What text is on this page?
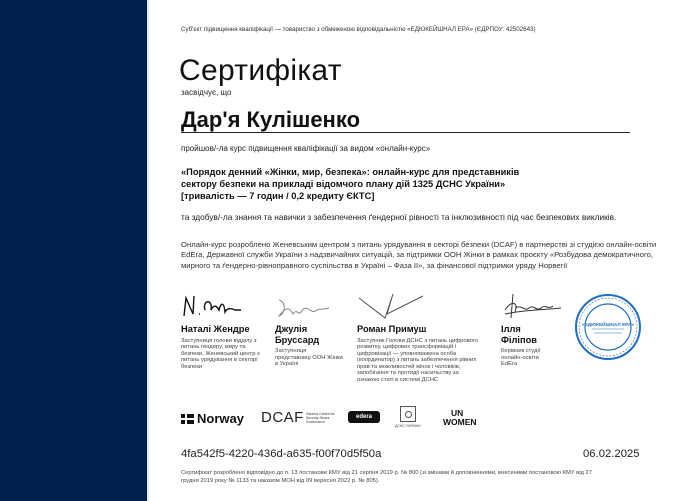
Суб'єкт підвищення кваліфікації — товариство з обмеженою відповідальністю «ЕДЮКЕЙШНАЛ ЕРА» (ЄДРПОУ: 42502643)
Сертифікат
засвідчує, що
Дар'я Кулішенко
пройшов/-ла курс підвищення кваліфікації за видом «онлайн-курс»
«Порядок денний «Жінки, мир, безпека»: онлайн-курс для представників
сектору безпеки на прикладі відомчого плану дій 1325 ДСНС України»
[тривалість — 7 годин / 0,2 кредиту ЄКТС]
та здобув/-ла знання та навички з забезпечення ґендерної рівності та інклюзивності під час безпекових викликів.
Онлайн-курс розроблено Женевським центром з питань урядування в секторі безпеки (DCAF) в партнерстві зі студією онлайн-освіти EdEra, Державної служби України з надзвичайних ситуацій, за підтримки ООН Жінки в рамках проєкту «Розбудова демократичного, мирного та ґендерно-рівноправного суспільства в Україні – Фаза ІІ», за фінансової підтримки уряду Норвегії
Наталі Жендре
Заступниця голови відділу з питань гендеру, миру та безпеки, Женевський центр з питань урядування в секторі безпеки
Джулія Бруссард
Заступниця представниці ООН Жінки в Україні
Роман Примуш
Заступник Голови ДСНС з питань цифрового розвитку, цифрових трансформацій і цифровізації — уповноважена особа (координатор) з питань забезпечення рівних прав та можливостей жінок і чоловіків, запобігання та протидії насильству за ознакою статі в системі ДСНС
Ілля Філіпов
Керівник студії онлайн-освіти EdEra
Norway DCAF Geneva Centre for Security Sector Governance
edera
ДСНС УКРАЇНИ
UN
WOMEN
4fa542f5-4220-436d-a635-f00f70d5f50a	06.02.2025
Сертифікат розроблено відповідно до п. 13 постанови КМУ від 21 серпня 2019 р. № 800 (зі змінами й доповненнями, внесеними постановою КМУ від 27 грудня 2019 року № 1133 та наказом МОН від 09 вересня 2022 р. № 805).
«ЕДЮКЕЙШНАЛ ЕРА»
